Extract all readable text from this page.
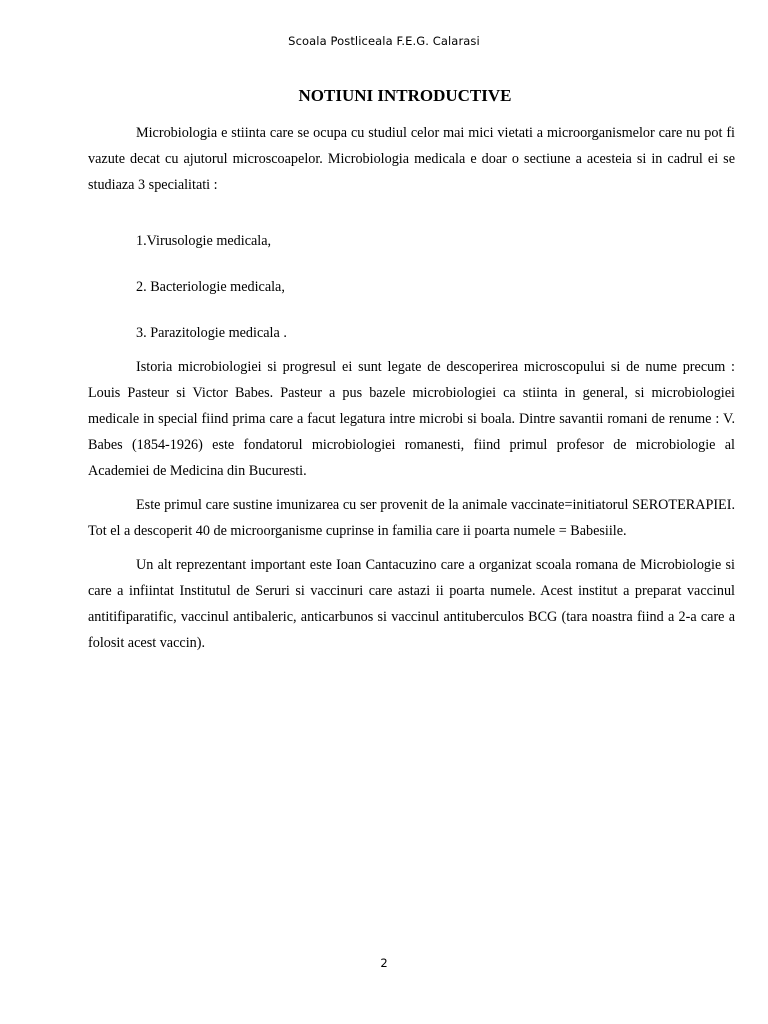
Scoala Postliceala F.E.G. Calarasi
NOTIUNI INTRODUCTIVE

Microbiologia e stiinta care se ocupa cu studiul celor mai mici vietati a microorganismelor care nu pot fi vazute decat cu ajutorul microscoapelor. Microbiologia medicala e doar o sectiune a acesteia si in cadrul ei se studiaza 3 specialitati :

1.Virusologie medicala,

2. Bacteriologie medicala,

3. Parazitologie medicala .

Istoria microbiologiei si progresul ei sunt legate de descoperirea microscopului si de nume precum : Louis Pasteur si Victor Babes. Pasteur a pus bazele microbiologiei ca stiinta in general, si microbiologiei medicale in special fiind prima care a facut legatura intre microbi si boala. Dintre savantii romani de renume : V. Babes (1854-1926) este fondatorul microbiologiei romanesti, fiind primul profesor de microbiologie al Academiei de Medicina din Bucuresti.

Este primul care sustine imunizarea cu ser provenit de la animale vaccinate=initiatorul SEROTERAPIEI. Tot el a descoperit 40 de microorganisme cuprinse in familia care ii poarta numele = Babesiile.

Un alt reprezentant important este Ioan Cantacuzino care a organizat scoala romana de Microbiologie si care a infiintat Institutul de Seruri si vaccinuri care astazi ii poarta numele. Acest institut a preparat vaccinul antitifiparatific, vaccinul antibaleric, anticarbunos si vaccinul antituberculos BCG (tara noastra fiind a 2-a care a folosit acest vaccin).

2
